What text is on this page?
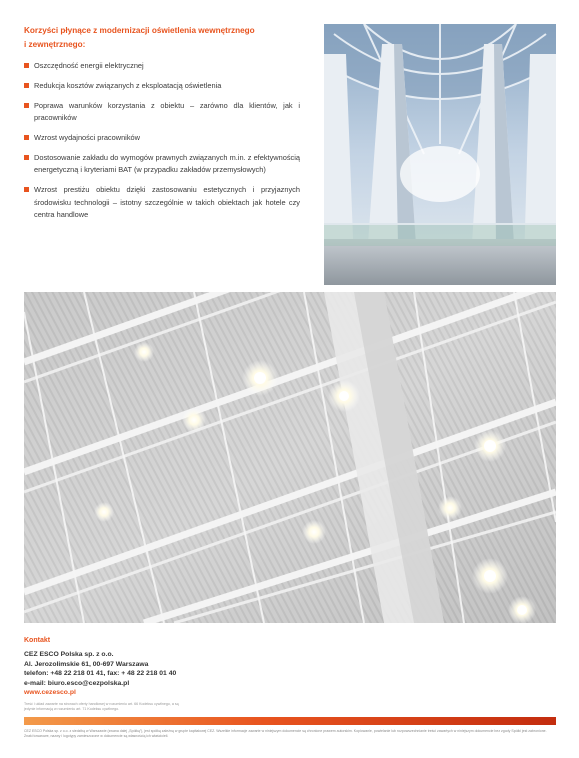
Korzyści płynące z modernizacji oświetlenia wewnętrznego
i zewnętrznego:
Oszczędność energii elektrycznej
Redukcja kosztów związanych z eksploatacją oświetlenia
Poprawa warunków korzystania z obiektu – zarówno dla klientów, jak i pracowników
Wzrost wydajności pracowników
Dostosowanie zakładu do wymogów prawnych związanych m.in. z efektywnością energetyczną i kryteriami BAT (w przypadku zakładów przemysłowych)
Wzrost prestiżu obiektu dzięki zastosowaniu estetycznych i przyjaznych środowisku technologii – istotny szczególnie w takich obiektach jak hotele czy centra handlowe
Kontakt
CEZ ESCO Polska sp. z o.o.
Al. Jerozolimskie 61, 00-697 Warszawa
telefon: +48 22 218 01 41, fax: + 48 22 218 01 40
e-mail: biuro.esco@cezpolska.pl
www.cezesco.pl
Treść i układ zawarte na stronach oferty handlowej w rozumieniu art. 66 Kodeksu cywilnego, a są jedynie informacją w rozumieniu art. 71 Kodeksu cywilnego.
CEZ ESCO Polska sp. z o.o. z siedzibą w Warszawie (zwana dalej „Spółką”), jest spółką zależną w grupie kapitałowej CEZ. Wszelkie informacje zawarte w niniejszym dokumencie są chronione prawem autorskim. Kopiowanie, powielanie lub rozpowszechnianie treści zawartych w niniejszym dokumencie bez zgody Spółki jest zabronione. Znaki towarowe, nazwy i logotypy zamieszczone w dokumencie są własnością ich właścicieli.
